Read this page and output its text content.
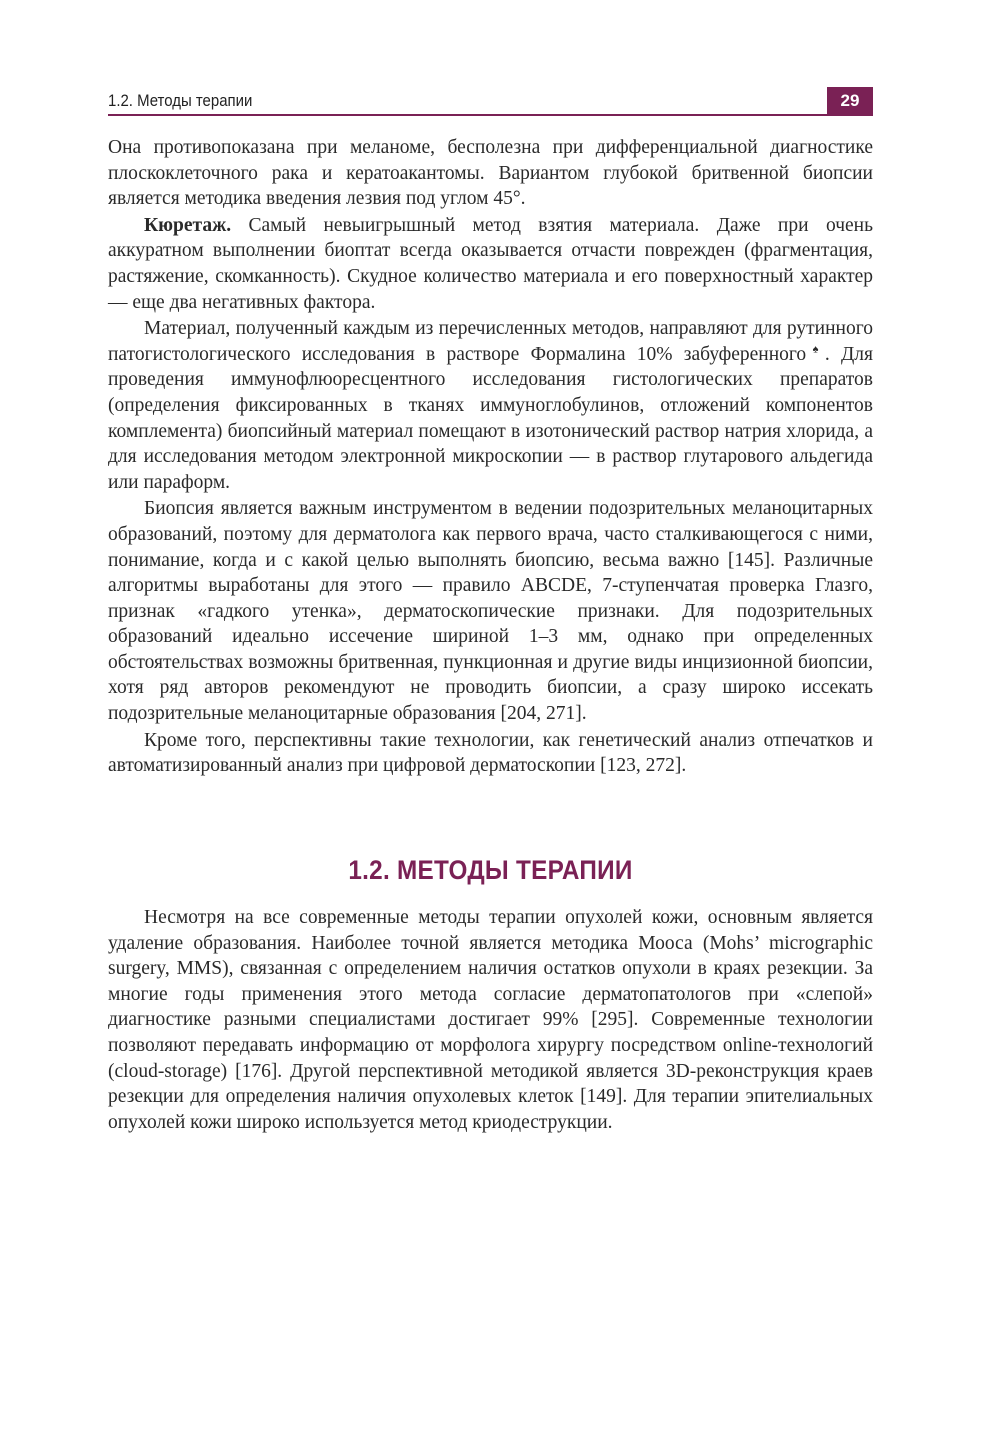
1.2. Методы терапии	29

Она противопоказана при меланоме, бесполезна при дифференциальной диагностике плоскоклеточного рака и кератоакантомы. Вариантом глубокой бритвенной биопсии является методика введения лезвия под углом 45°.

Кюретаж. Самый невыигрышный метод взятия материала. Даже при очень аккуратном выполнении биоптат всегда оказывается отчасти поврежден (фрагментация, растяжение, скомканность). Скудное количество материала и его поверхностный характер — еще два негативных фактора.

Материал, полученный каждым из перечисленных методов, направляют для рутинного патогистологического исследования в растворе Формалина 10% забуференного♠. Для проведения иммунофлюоресцентного исследования гистологических препаратов (определения фиксированных в тканях иммуноглобулинов, отложений компонентов комплемента) биопсийный материал помещают в изотонический раствор натрия хлорида, а для исследования методом электронной микроскопии — в раствор глутарового альдегида или параформ.

Биопсия является важным инструментом в ведении подозрительных меланоцитарных образований, поэтому для дерматолога как первого врача, часто сталкивающегося с ними, понимание, когда и с какой целью выполнять биопсию, весьма важно [145]. Различные алгоритмы выработаны для этого — правило ABCDE, 7-ступенчатая проверка Глазго, признак «гадкого утенка», дерматоскопические признаки. Для подозрительных образований идеально иссечение шириной 1–3 мм, однако при определенных обстоятельствах возможны бритвенная, пункционная и другие виды инцизионной биопсии, хотя ряд авторов рекомендуют не проводить биопсии, а сразу широко иссекать подозрительные меланоцитарные образования [204, 271].

Кроме того, перспективны такие технологии, как генетический анализ отпечатков и автоматизированный анализ при цифровой дерматоскопии [123, 272].

1.2. МЕТОДЫ ТЕРАПИИ

Несмотря на все современные методы терапии опухолей кожи, основным является удаление образования. Наиболее точной является методика Мооса (Mohs’ micrographic surgery, MMS), связанная с определением наличия остатков опухоли в краях резекции. За многие годы применения этого метода согласие дерматопатологов при «слепой» диагностике разными специалистами достигает 99% [295]. Современные технологии позволяют передавать информацию от морфолога хирургу посредством online-технологий (cloud-storage) [176]. Другой перспективной методикой является 3D-реконструкция краев резекции для определения наличия опухолевых клеток [149]. Для терапии эпителиальных опухолей кожи широко используется метод криодеструкции.
